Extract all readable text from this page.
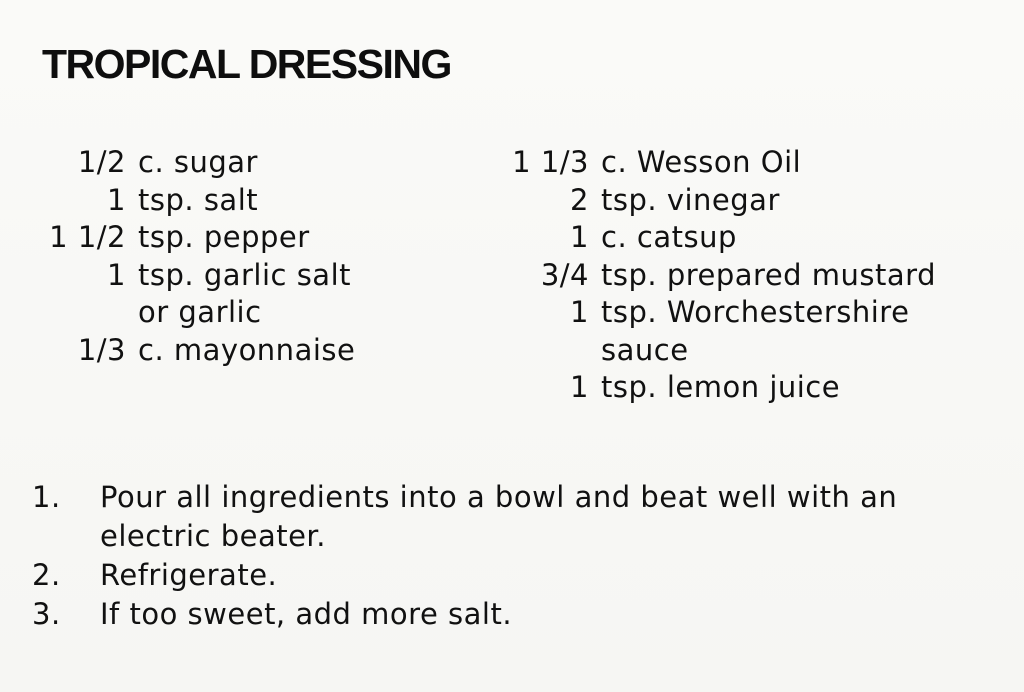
TROPICAL DRESSING
1/2 c. sugar
1 tsp. salt
1 1/2 tsp. pepper
1 tsp. garlic salt
or garlic
1/3 c. mayonnaise
1 1/3 c. Wesson Oil
2 tsp. vinegar
1 c. catsup
3/4 tsp. prepared mustard
1 tsp. Worchestershire
sauce
1 tsp. lemon juice
1.	Pour all ingredients into a bowl and beat well with an electric beater.
2.	Refrigerate.
3.	If too sweet, add more salt.
